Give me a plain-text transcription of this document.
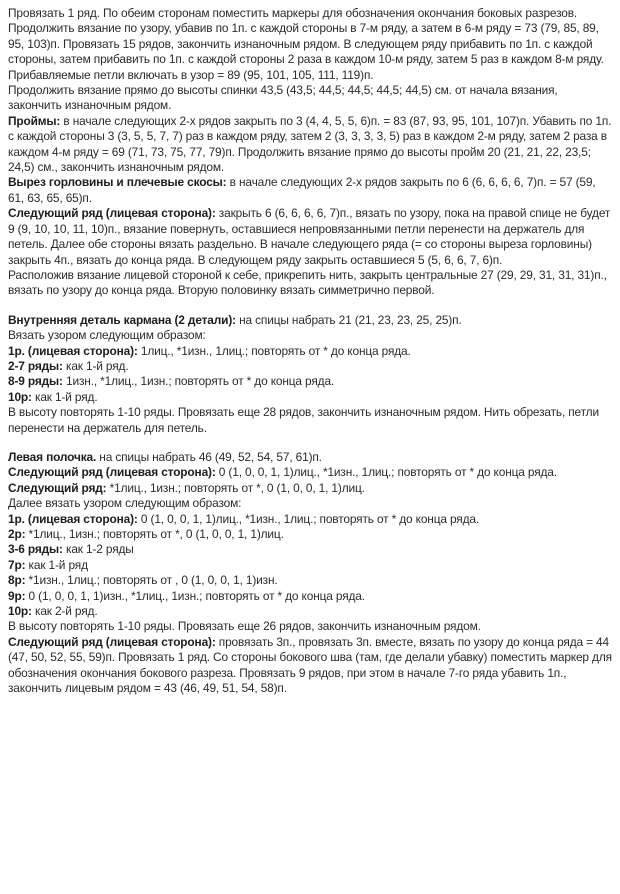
Провязать 1 ряд. По обеим сторонам поместить маркеры для обозначения окончания боковых разрезов. Продолжить вязание по узору, убавив по 1п. с каждой стороны в 7-м ряду, а затем в 6-м ряду = 73 (79, 85, 89, 95, 103)п. Провязать 15 рядов, закончить изнаночным рядом. В следующем ряду прибавить по 1п. с каждой стороны, затем прибавить по 1п. с каждой стороны 2 раза в каждом 10-м ряду, затем 5 раз в каждом 8-м ряду. Прибавляемые петли включать в узор = 89 (95, 101, 105, 111, 119)п.

Продолжить вязание прямо до высоты спинки 43,5 (43,5; 44,5; 44,5; 44,5; 44,5) см. от начала вязания, закончить изнаночным рядом.

Проймы: в начале следующих 2-х рядов закрыть по 3 (4, 4, 5, 5, 6)п. = 83 (87, 93, 95, 101, 107)п. Убавить по 1п. с каждой стороны 3 (3, 5, 5, 7, 7) раз в каждом ряду, затем 2 (3, 3, 3, 3, 5) раз в каждом 2-м ряду, затем 2 раза в каждом 4-м ряду = 69 (71, 73, 75, 77, 79)п. Продолжить вязание прямо до высоты пройм 20 (21, 21, 22, 23,5; 24,5) см., закончить изнаночным рядом.

Вырез горловины и плечевые скосы: в начале следующих 2-х рядов закрыть по 6 (6, 6, 6, 6, 7)п. = 57 (59, 61, 63, 65, 65)п.

Следующий ряд (лицевая сторона): закрыть 6 (6, 6, 6, 6, 7)п., вязать по узору, пока на правой спице не будет 9 (9, 10, 10, 11, 10)п., вязание повернуть, оставшиеся непровязанными петли перенести на держатель для петель. Далее обе стороны вязать раздельно. В начале следующего ряда (= со стороны выреза горловины) закрыть 4п., вязать до конца ряда. В следующем ряду закрыть оставшиеся 5 (5, 6, 6, 7, 6)п.

Расположив вязание лицевой стороной к себе, прикрепить нить, закрыть центральные 27 (29, 29, 31, 31, 31)п., вязать по узору до конца ряда. Вторую половинку вязать симметрично первой.

Внутренняя деталь кармана (2 детали): на спицы набрать 21 (21, 23, 23, 25, 25)п.

Вязать узором следующим образом:

1р. (лицевая сторона): 1лиц., *1изн., 1лиц.; повторять от * до конца ряда.

2-7 ряды: как 1-й ряд.

8-9 ряды: 1изн., *1лиц., 1изн.; повторять от * до конца ряда.

10р: как 1-й ряд.

В высоту повторять 1-10 ряды. Провязать еще 28 рядов, закончить изнаночным рядом. Нить обрезать, петли перенести на держатель для петель.

Левая полочка. на спицы набрать 46 (49, 52, 54, 57, 61)п.

Следующий ряд (лицевая сторона): 0 (1, 0, 0, 1, 1)лиц., *1изн., 1лиц.; повторять от * до конца ряда.

Следующий ряд: *1лиц., 1изн.; повторять от *, 0 (1, 0, 0, 1, 1)лиц.

Далее вязать узором следующим образом:

1р. (лицевая сторона): 0 (1, 0, 0, 1, 1)лиц., *1изн., 1лиц.; повторять от * до конца ряда.

2р: *1лиц., 1изн.; повторять от *, 0 (1, 0, 0, 1, 1)лиц.

3-6 ряды: как 1-2 ряды

7р: как 1-й ряд

8р: *1изн., 1лиц.; повторять от , 0 (1, 0, 0, 1, 1)изн.

9р: 0 (1, 0, 0, 1, 1)изн., *1лиц., 1изн.; повторять от * до конца ряда.

10р: как 2-й ряд.

В высоту повторять 1-10 ряды. Провязать еще 26 рядов, закончить изнаночным рядом.

Следующий ряд (лицевая сторона): провязать 3п., провязать 3п. вместе, вязать по узору до конца ряда = 44 (47, 50, 52, 55, 59)п. Провязать 1 ряд. Со стороны бокового шва (там, где делали убавку) поместить маркер для обозначения окончания бокового разреза. Провязать 9 рядов, при этом в начале 7-го ряда убавить 1п., закончить лицевым рядом = 43 (46, 49, 51, 54, 58)п.
